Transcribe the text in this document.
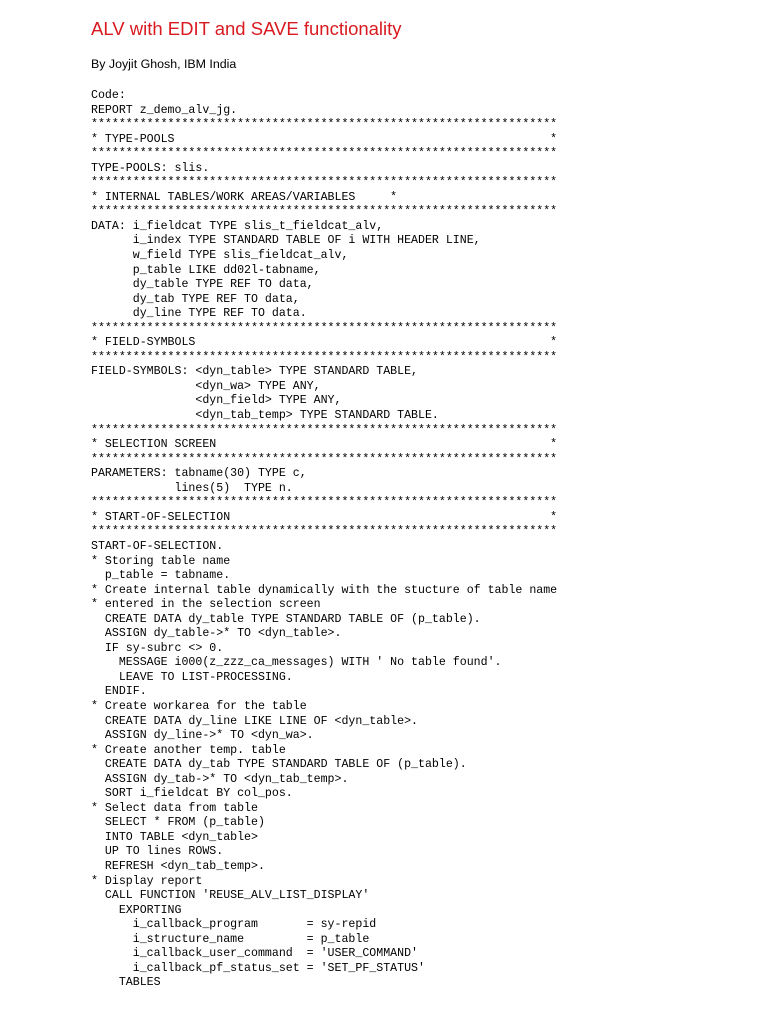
ALV with EDIT and SAVE functionality

By Joyjit Ghosh, IBM India

Code:
REPORT z_demo_alv_jg.
*******************************************************************
* TYPE-POOLS                                                      *
*******************************************************************
TYPE-POOLS: slis.
*******************************************************************
* INTERNAL TABLES/WORK AREAS/VARIABLES     *
*******************************************************************
DATA: i_fieldcat TYPE slis_t_fieldcat_alv,
i_index TYPE STANDARD TABLE OF i WITH HEADER LINE,
w_field TYPE slis_fieldcat_alv,
p_table LIKE dd02l-tabname,
dy_table TYPE REF TO data,
dy_tab TYPE REF TO data,
dy_line TYPE REF TO data.
*******************************************************************
* FIELD-SYMBOLS                                                   *
*******************************************************************
FIELD-SYMBOLS: <dyn_table> TYPE STANDARD TABLE,
<dyn_wa> TYPE ANY,
<dyn_field> TYPE ANY,
<dyn_tab_temp> TYPE STANDARD TABLE.
*******************************************************************
* SELECTION SCREEN                                                *
*******************************************************************
PARAMETERS: tabname(30) TYPE c,
lines(5)  TYPE n.
*******************************************************************
* START-OF-SELECTION                                              *
*******************************************************************
START-OF-SELECTION.
* Storing table name
p_table = tabname.
* Create internal table dynamically with the stucture of table name
* entered in the selection screen
CREATE DATA dy_table TYPE STANDARD TABLE OF (p_table).
ASSIGN dy_table->* TO <dyn_table>.
IF sy-subrc <> 0.
MESSAGE i000(z_zzz_ca_messages) WITH ' No table found'.
LEAVE TO LIST-PROCESSING.
ENDIF.
* Create workarea for the table
CREATE DATA dy_line LIKE LINE OF <dyn_table>.
ASSIGN dy_line->* TO <dyn_wa>.
* Create another temp. table
CREATE DATA dy_tab TYPE STANDARD TABLE OF (p_table).
ASSIGN dy_tab->* TO <dyn_tab_temp>.
SORT i_fieldcat BY col_pos.
* Select data from table
SELECT * FROM (p_table)
INTO TABLE <dyn_table>
UP TO lines ROWS.
REFRESH <dyn_tab_temp>.
* Display report
CALL FUNCTION 'REUSE_ALV_LIST_DISPLAY'
EXPORTING
i_callback_program       = sy-repid
i_structure_name         = p_table
i_callback_user_command  = 'USER_COMMAND'
i_callback_pf_status_set = 'SET_PF_STATUS'
TABLES
